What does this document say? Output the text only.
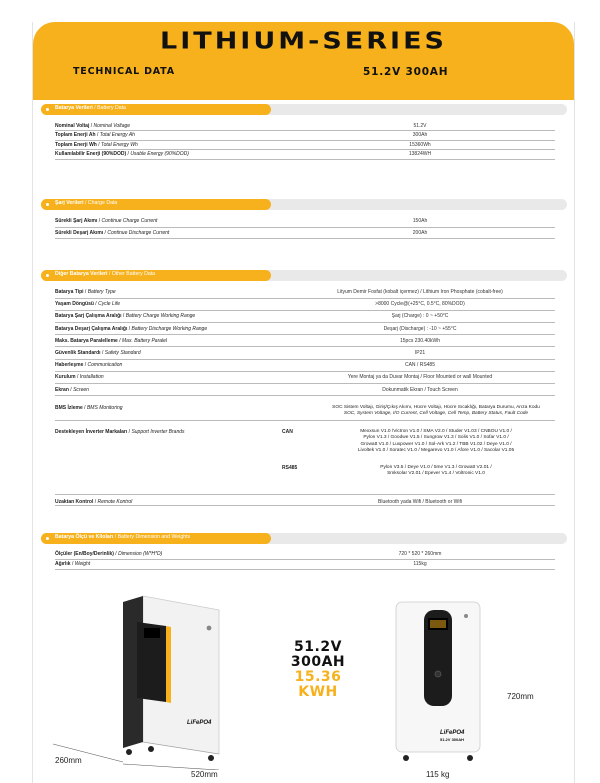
LITHIUM-SERIES
TECHNICAL DATA	51.2V 300AH
Batarya Verileri / Battery Data
Nominal Voltaj / Nominal Voltage	51.2V
Toplam Enerji Ah / Total Energy Ah	300Ah
Toplam Enerji Wh / Total Energy Wh	15360Wh
Kullanılabilir Enerji (90%DOD) / Usable Energy (90%DOD)	13824WH
Şarj Verileri / Charge Data
Sürekli Şarj Akımı / Continue Charge Current	150Ah
Sürekli Deşarj Akımı / Continue Discharge Current	200Ah
Diğer Batarya Verileri / Other Battery Data
Batarya Tipi / Battery Type	Lityum Demir Fosfat (kobalt içermez) / Lithium Iron Phosphate (cobalt-free)
Yaşam Döngüsü / Cycle Life	>8000 Cycle@(+25°C, 0.5°C, 80%DOD)
Batarya Şarj Çalışma Aralığı / Battery Charge Working Range	Şarj (Charge) : 0 ~ +50°C
Batarya Deşarj Çalışma Aralığı / Battery Discharge Working Range	Deşarj (Discharge) : -10 ~ +55°C
Maks. Batarya Paralelleme / Max. Battery Paralel	15pcs 230.40kWh
Güvenlik Standardı / Safety Standard	IP21
Haberleşme / Communication	CAN / RS485
Kurulum / Installation	Yere Montaj ya da Duvar Montaj / Floor Mounted or wall Mounted
Ekran / Screen	Dokunmatik Ekran / Touch Screen
BMS İzleme / BMS Monitoring	SOC Sistem Voltajı, Giriş/Çıkış Akımı, Hücre Voltajı, Hücre Sıcaklığı, Batarya Durumu, Arıza Kodu
SOC, System Voltage, I/O Current, Cell Voltage, Cell Temp, Battery Status, Fault Code
Destekleyen İnverter Markaları / Support Inverter Brands	CAN	Mexxsun V1.0 /Victron V1.0 / SMA V2.0 / Studer V1.03 / CNBOU V1.0 /
Pylon V1.3 / Goodwe V1.5 / Sungrow V1.3 / Solis V1.0 / Sofar V1.0 /
Growatt V1.0 / Luxpower V1.0 / Sol-Ark V1.2 / TBB V1.02 / Deye V1.0 /
Livoltek V1.0 / Soratec V1.0 / Megarevo V1.0 / Afore V1.0 / Sacolar V1.05
RS485	Pylon V3.5 / Deye V1.0 / 5me V1.3 / Growatt V2.01 /
Smksolar V2.01 / Epever V1.4 / Voltronic V1.0
Uzaktan Kontrol / Remote Kontrol	Bluetooth yada Wifi / Bluetooth or Wifi
Batarya Ölçü ve Kiloları / Battery Dimension and Weights
Ölçüler (En/Boy/Derinlik) / Dimension (W*H*D)	720 * 520 * 260mm
Ağırlık / Weight	115kg
LiFePO4
260mm
520mm
51.2V
300AH
15.36
KWH
LiFePO4
51.2V 300AH
720mm
115 kg
